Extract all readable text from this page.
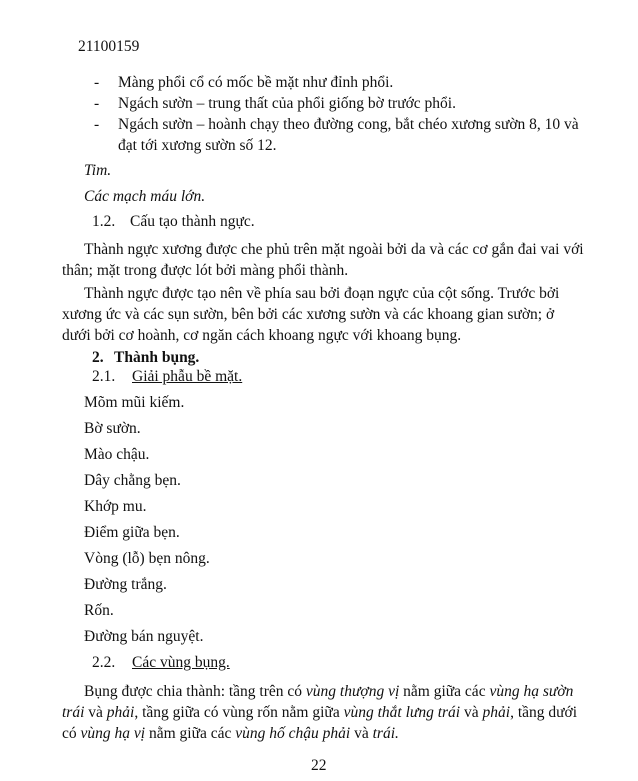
21100159
- Màng phổi cổ có mốc bề mặt như đỉnh phổi.
- Ngách sườn – trung thất của phổi giống bờ trước phổi.
- Ngách sườn – hoành chạy theo đường cong, bắt chéo xương sườn 8, 10 và
đạt tới xương sườn số 12.
Tim.
Các mạch máu lớn.
1.2. Cấu tạo thành ngực.
Thành ngực xương được che phủ trên mặt ngoài bởi da và các cơ gắn đai vai với
thân; mặt trong được lót bởi màng phổi thành.
Thành ngực được tạo nên về phía sau bởi đoạn ngực của cột sống. Trước bởi
xương ức và các sụn sườn, bên bởi các xương sườn và các khoang gian sườn; ở
dưới bởi cơ hoành, cơ ngăn cách khoang ngực với khoang bụng.
2. Thành bụng.
2.1. Giải phẫu bề mặt.
Mõm mũi kiếm.
Bờ sườn.
Mào chậu.
Dây chằng bẹn.
Khớp mu.
Điểm giữa bẹn.
Vòng (lỗ) bẹn nông.
Đường trắng.
Rốn.
Đường bán nguyệt.
2.2. Các vùng bụng.
Bụng được chia thành: tầng trên có vùng thượng vị nằm giữa các vùng hạ sườn
trái và phải, tầng giữa có vùng rốn nằm giữa vùng thắt lưng trái và phải, tầng dưới
có vùng hạ vị nằm giữa các vùng hố chậu phải và trái.
22
